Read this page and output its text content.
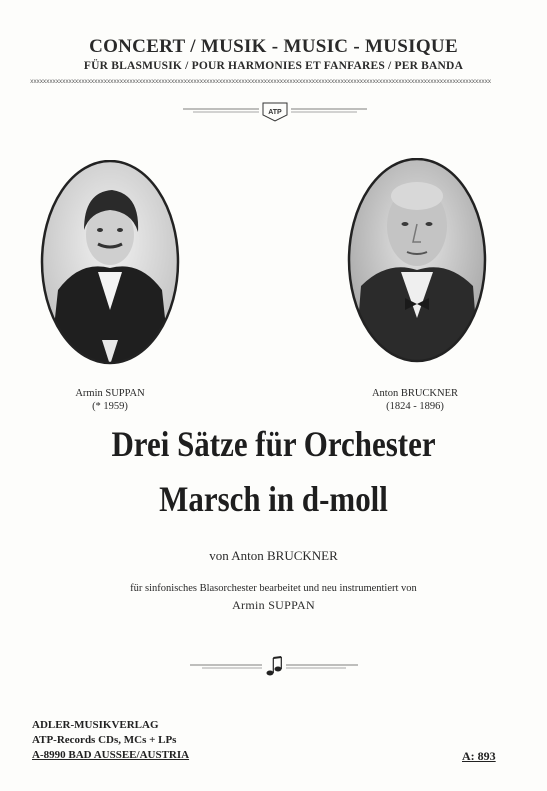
CONCERT / MUSIK - MUSIC - MUSIQUE
FÜR BLASMUSIK / POUR HARMONIES ET FANFARES / PER BANDA
xxxxxxxxxxxxxxxxxxxxxxxxxxxxxxxxxxxxxxxxxxxxxxxxxxxxxxxxxxxxxxxxxxxxxxxxxxxxxxxxxxxxxxxxxxxxxxxxxxxxxxxxxxxxxxxxxxxxxxxxxxxxxxxxxxxxxxxxxxxxxxxx
ATP
Armin SUPPAN
(* 1959)
Anton BRUCKNER
(1824 - 1896)
Drei Sätze für Orchester
Marsch in d-moll
von Anton BRUCKNER
für sinfonisches Blasorchester bearbeitet und neu instrumentiert von
Armin SUPPAN
ADLER-MUSIKVERLAG
ATP-Records CDs, MCs + LPs
A-8990 BAD AUSSEE/AUSTRIA	A: 893
